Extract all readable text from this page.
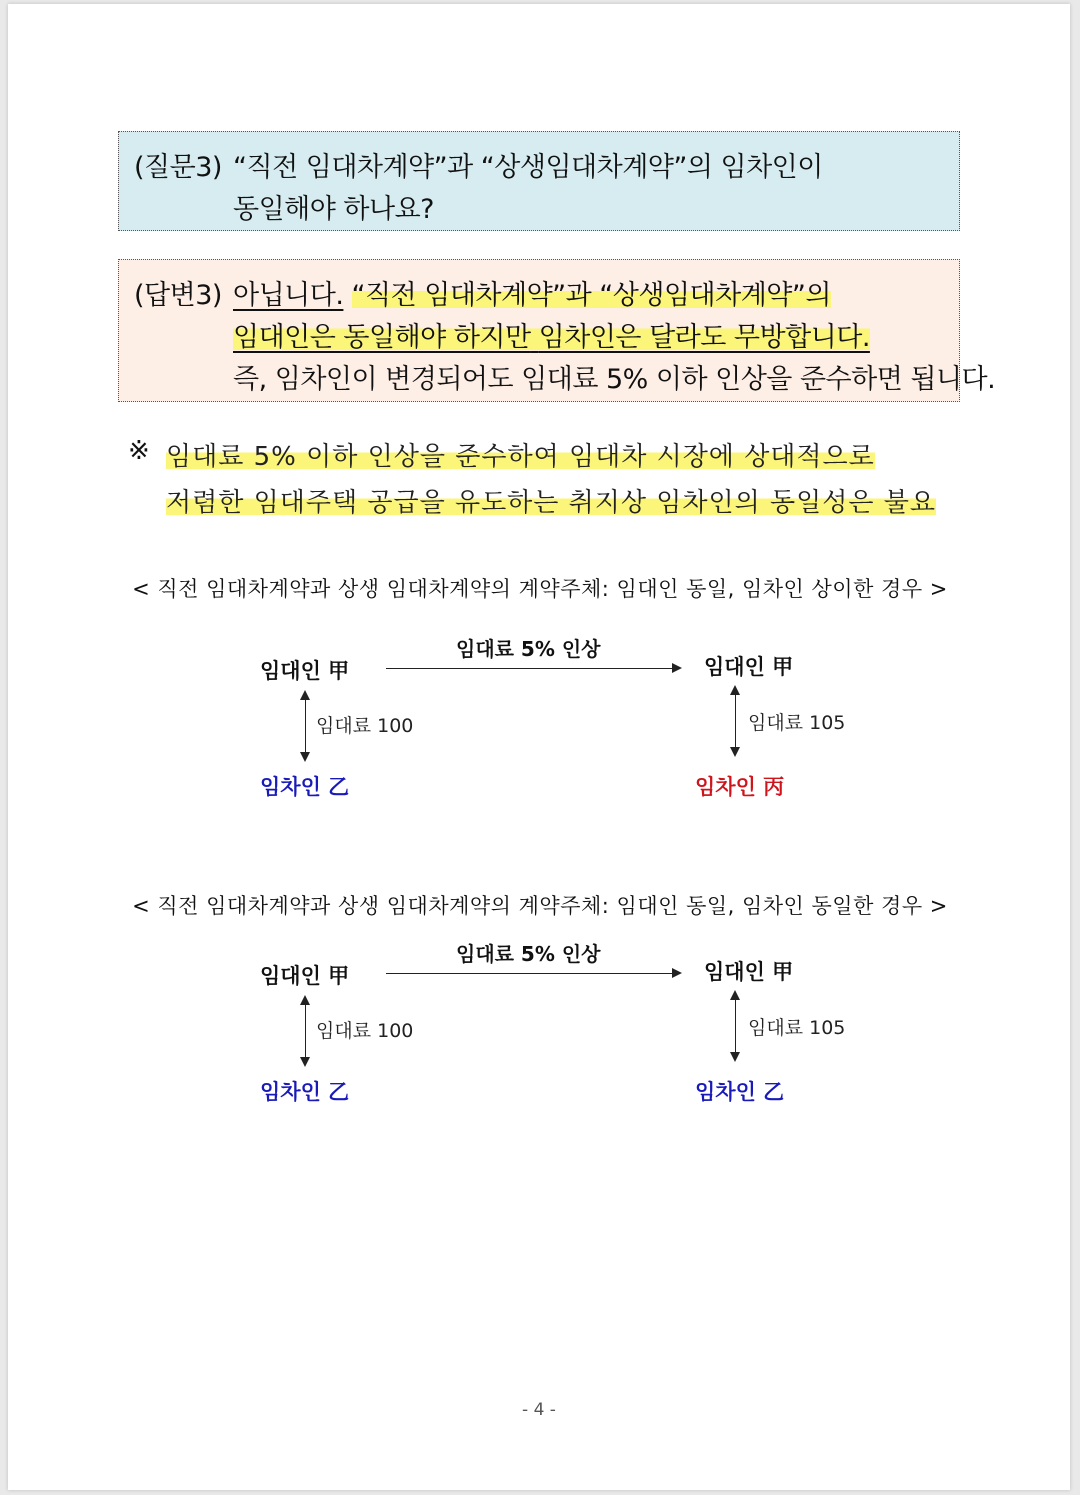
(질문3) “직전 임대차계약”과 “상생임대차계약”의 임차인이
동일해야 하나요?
(답변3) 아닙니다. “직전 임대차계약”과 “상생임대차계약”의
임대인은 동일해야 하지만 임차인은 달라도 무방합니다.
즉, 임차인이 변경되어도 임대료 5% 이하 인상을 준수하면 됩니다.
※ 임대료 5% 이하 인상을 준수하여 임대차 시장에 상대적으로
저렴한 임대주택 공급을 유도하는 취지상 임차인의 동일성은 불요
< 직전 임대차계약과 상생 임대차계약의 계약주체: 임대인 동일, 임차인 상이한 경우 >
임대료 5% 인상
임대인 甲	임대인 甲
임대료 100	임대료 105
임차인 乙	임차인 丙
< 직전 임대차계약과 상생 임대차계약의 계약주체: 임대인 동일, 임차인 동일한 경우 >
임대료 5% 인상
임대인 甲	임대인 甲
임대료 100	임대료 105
임차인 乙	임차인 乙
- 4 -
